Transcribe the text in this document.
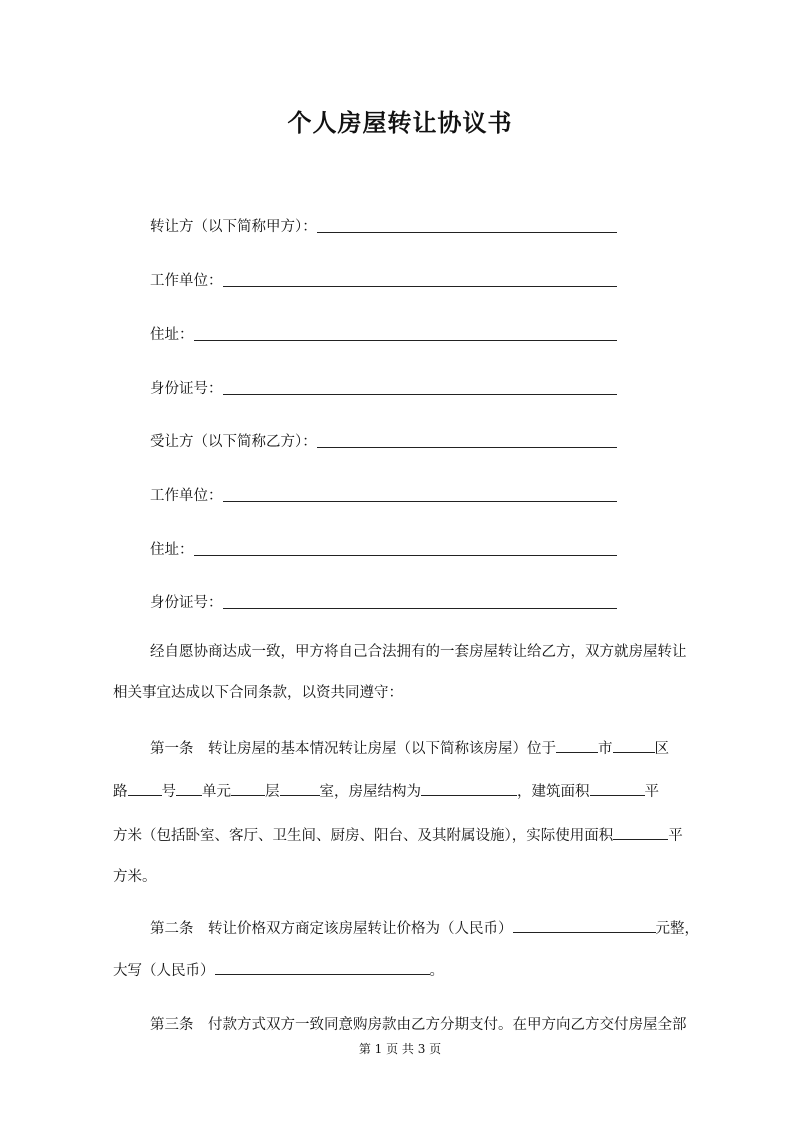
个人房屋转让协议书
转让方（以下简称甲方）：
工作单位：
住址：
身份证号：
受让方（以下简称乙方）：
工作单位：
住址：
身份证号：
经自愿协商达成一致，甲方将自己合法拥有的一套房屋转让给乙方，双方就房屋转让
相关事宜达成以下合同条款，以资共同遵守：
第一条　转让房屋的基本情况转让房屋（以下简称该房屋）位于	市	区
路 号 单元 层	室，房屋结构为	，建筑面积	平
方米（包括卧室、客厅、卫生间、厨房、阳台、及其附属设施），实际使用面积	平
方米。
第二条　转让价格双方商定该房屋转让价格为（人民币）	元整，
大写（人民币）	。
第三条　付款方式双方一致同意购房款由乙方分期支付。在甲方向乙方交付房屋全部
第 1 页 共 3 页
